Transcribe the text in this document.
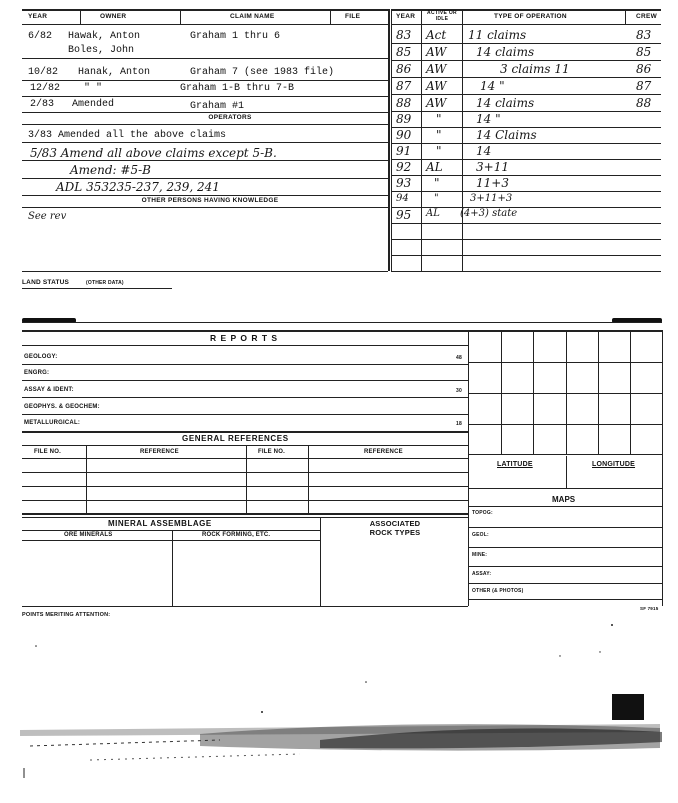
YEAR	OWNER	CLAIM NAME	FILE
6/82 Hawak, Anton	Graham 1 thru 6
Boles, John
10/82 Hanak, Anton	Graham 7 (see 1983 file)
12/82 " "	Graham 1-B thru 7-B
2/83 Amended	Graham #1
OPERATORS
3/83 Amended all the above claims
5/83 Amend all above claims except 5-B.
Amend: #5-B
ADL 353235-237, 239, 241
OTHER PERSONS HAVING KNOWLEDGE
See rev
YEAR	ACTIVE OR IDLE	TYPE OF OPERATION	CREW
83 Act 11 claims	83
85 AW 14 claims	85
86 AW	3 claims 11	86
87 AW	14 "	87
88 AW 14 claims	88
89 "	14 "
90 "	14 Claims
91 "	14
92 AL	3+11
93 "	11+3
94	"	3+11+3
95 AL (4+3) state
LAND STATUS	(OTHER DATA)
R E P O R T S
GEOLOGY:	48
ENGRG:
ASSAY & IDENT:	30
GEOPHYS. & GEOCHEM:
METALLURGICAL:	18
GENERAL REFERENCES
FILE NO.	REFERENCE	FILE NO.	REFERENCE
MINERAL ASSEMBLAGE	ASSOCIATED
ROCK TYPES
ORE MINERALS	ROCK FORMING, ETC.
LATITUDE	LONGITUDE
MAPS
TOPOG:
GEOL:
MINE:
ASSAY:
OTHER (& PHOTOS)
POINTS MERITING ATTENTION:
SF 7915
